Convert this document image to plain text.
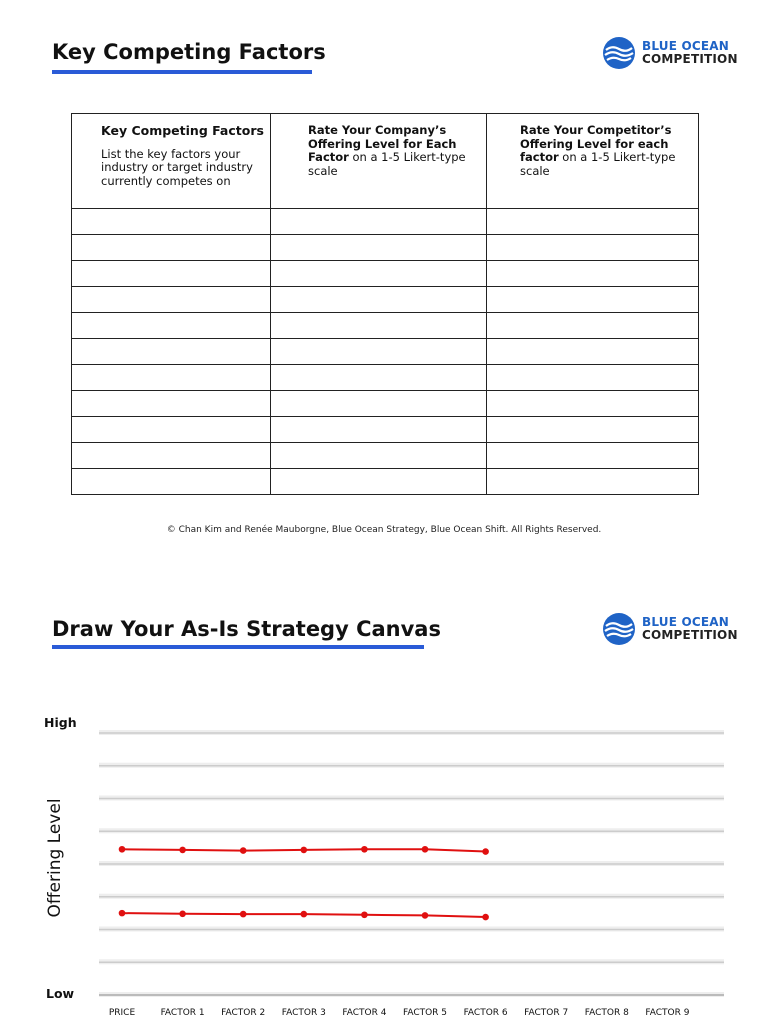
Key Competing Factors	BLUE OCEAN
COMPETITION
Key Competing Factors
List the key factors your industry or target industry currently competes on	Rate Your Company’s Offering Level for Each Factor on a 1-5 Likert-type scale	Rate Your Competitor’s Offering Level for each factor on a 1-5 Likert-type scale

© Chan Kim and Renée Mauborgne, Blue Ocean Strategy, Blue Ocean Shift. All Rights Reserved.
Draw Your As-Is Strategy Canvas	BLUE OCEAN
COMPETITION
High
Low
Offering Level
PRICE	FACTOR 1 FACTOR 2 FACTOR 3 FACTOR 4 FACTOR 5 FACTOR 6 FACTOR 7 FACTOR 8 FACTOR 9
